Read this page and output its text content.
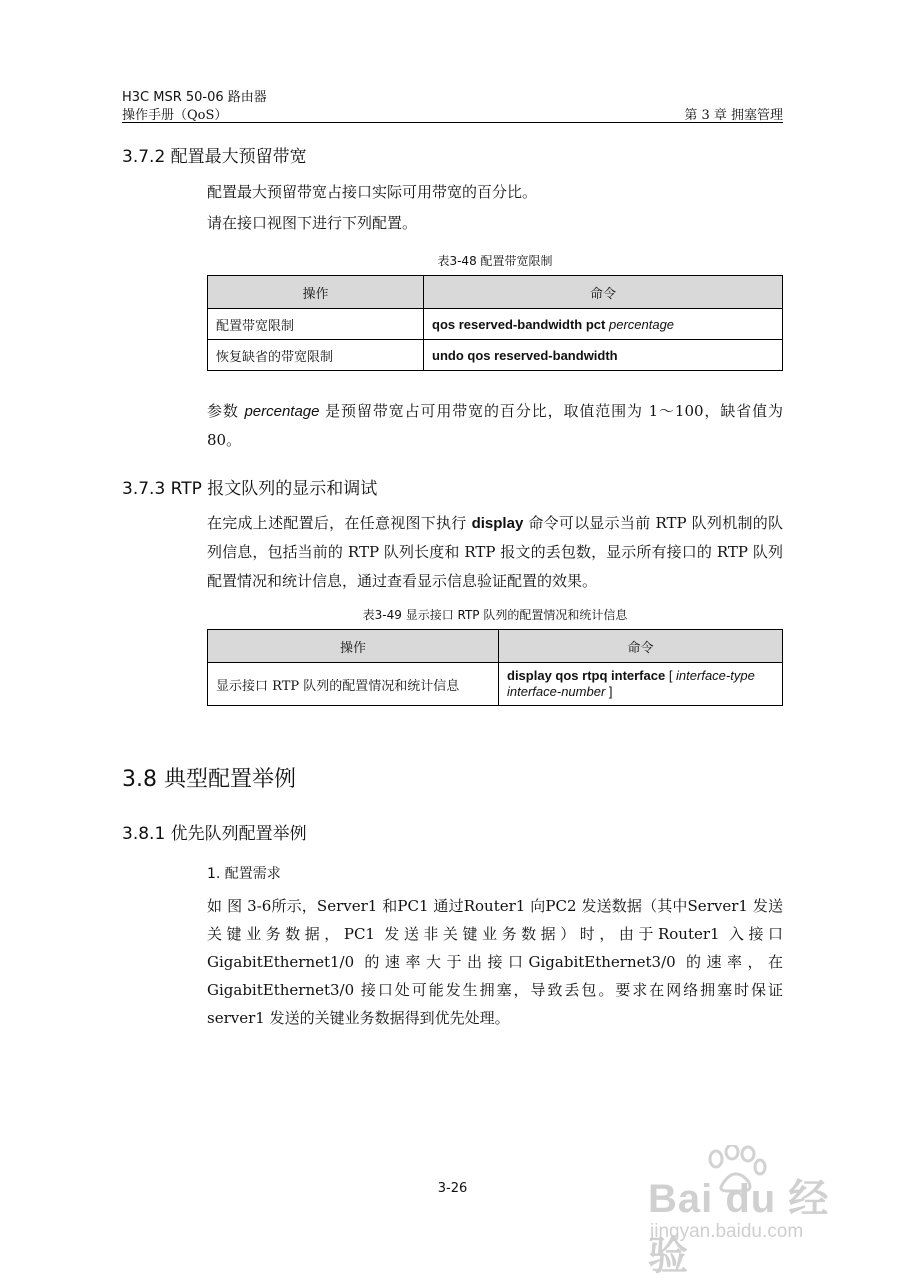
H3C MSR 50-06 路由器
操作手册（QoS）	第 3 章 拥塞管理
3.7.2 配置最大预留带宽
配置最大预留带宽占接口实际可用带宽的百分比。
请在接口视图下进行下列配置。
表3-48 配置带宽限制
操作	命令
配置带宽限制	qos reserved-bandwidth pct percentage
恢复缺省的带宽限制	undo qos reserved-bandwidth
参数 percentage 是预留带宽占可用带宽的百分比，取值范围为 1～100，缺省值为 80。
3.7.3 RTP 报文队列的显示和调试
在完成上述配置后，在任意视图下执行 display 命令可以显示当前 RTP 队列机制的队列信息，包括当前的 RTP 队列长度和 RTP 报文的丢包数，显示所有接口的 RTP 队列配置情况和统计信息，通过查看显示信息验证配置的效果。
表3-49 显示接口 RTP 队列的配置情况和统计信息
操作	命令
显示接口 RTP 队列的配置情况和统计信息	display qos rtpq interface [ interface-type interface-number ]
3.8 典型配置举例
3.8.1 优先队列配置举例
1. 配置需求
如 图 3-6所示，Server1 和PC1 通过Router1 向PC2 发送数据（其中Server1 发送关键业务数据，PC1 发送非关键业务数据）时，由于Router1 入接口GigabitEthernet1/0 的速率大于出接口GigabitEthernet3/0 的速率，在GigabitEthernet3/0 接口处可能发生拥塞，导致丢包。要求在网络拥塞时保证server1 发送的关键业务数据得到优先处理。
3-26	Bai du 经验
jingyan.baidu.com
